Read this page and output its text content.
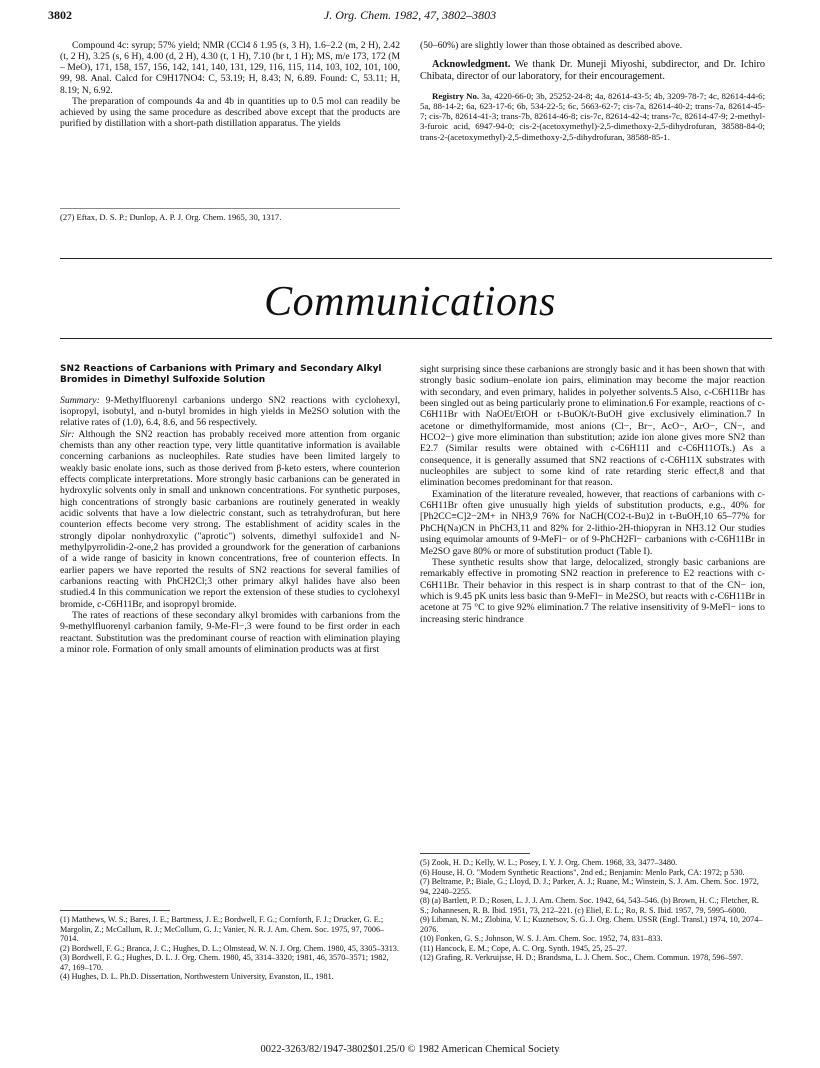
3802	J. Org. Chem. 1982, 47, 3802–3803

Compound 4c: syrup; 57% yield; NMR (CCl4 δ 1.95 (s, 3 H), 1.6–2.2 (m, 2 H), 2.42 (t, 2 H), 3.25 (s, 6 H), 4.00 (d, 2 H), 4.30 (t, 1 H), 7.10 (br t, 1 H); MS, m/e 173, 172 (M – MeO), 171, 158, 157, 156, 142, 141, 140, 131, 129, 116, 115, 114, 103, 102, 101, 100, 99, 98. Anal. Calcd for C9H17NO4: C, 53.19; H, 8.43; N, 6.89. Found: C, 53.11; H, 8.19; N, 6.92.

The preparation of compounds 4a and 4b in quantities up to 0.5 mol can readily be achieved by using the same procedure as described above except that the products are purified by distillation with a short-path distillation apparatus. The yields

(27) Eftax, D. S. P.; Dunlop, A. P. J. Org. Chem. 1965, 30, 1317.

(50–60%) are slightly lower than those obtained as described above.

Acknowledgment. We thank Dr. Muneji Miyoshi, subdirector, and Dr. Ichiro Chibata, director of our laboratory, for their encouragement.

Registry No. 3a, 4220-66-0; 3b, 25252-24-8; 4a, 82614-43-5; 4b, 3209-78-7; 4c, 82614-44-6; 5a, 88-14-2; 6a, 623-17-6; 6b, 534-22-5; 6c, 5663-62-7; cis-7a, 82614-40-2; trans-7a, 82614-45-7; cis-7b, 82614-41-3; trans-7b, 82614-46-8; cis-7c, 82614-42-4; trans-7c, 82614-47-9; 2-methyl-3-furoic acid, 6947-94-0; cis-2-(acetoxymethyl)-2,5-dimethoxy-2,5-dihydrofuran, 38588-84-0; trans-2-(acetoxymethyl)-2,5-dimethoxy-2,5-dihydrofuran, 38588-85-1.

Communications
SN2 Reactions of Carbanions with Primary and Secondary Alkyl Bromides in Dimethyl Sulfoxide Solution

Summary: 9-Methylfluorenyl carbanions undergo SN2 reactions with cyclohexyl, isopropyl, isobutyl, and n-butyl bromides in high yields in Me2SO solution with the relative rates of (1.0), 6.4, 8.6, and 56 respectively.

Sir: Although the SN2 reaction has probably received more attention from organic chemists than any other reaction type, very little quantitative information is available concerning carbanions as nucleophiles. Rate studies have been limited largely to weakly basic enolate ions, such as those derived from β-keto esters, where counterion effects complicate interpretations. More strongly basic carbanions can be generated in hydroxylic solvents only in small and unknown concentrations. For synthetic purposes, high concentrations of strongly basic carbanions are routinely generated in weakly acidic solvents that have a low dielectric constant, such as tetrahydrofuran, but here counterion effects become very strong. The establishment of acidity scales in the strongly dipolar nonhydroxylic ("aprotic") solvents, dimethyl sulfoxide1 and N-methylpyrrolidin-2-one,2 has provided a groundwork for the generation of carbanions of a wide range of basicity in known concentrations, free of counterion effects. In earlier papers we have reported the results of SN2 reactions for several families of carbanions reacting with PhCH2Cl;3 other primary alkyl halides have also been studied.4 In this communication we report the extension of these studies to cyclohexyl bromide, c-C6H11Br, and isopropyl bromide.

The rates of reactions of these secondary alkyl bromides with carbanions from the 9-methylfluorenyl carbanion family, 9-Me-Fl−,3 were found to be first order in each reactant. Substitution was the predominant course of reaction with elimination playing a minor role. Formation of only small amounts of elimination products was at first

sight surprising since these carbanions are strongly basic and it has been shown that with strongly basic sodium–enolate ion pairs, elimination may become the major reaction with secondary, and even primary, halides in polyether solvents.5 Also, c-C6H11Br has been singled out as being particularly prone to elimination.6 For example, reactions of c-C6H11Br with NaOEt/EtOH or t-BuOK/t-BuOH give exclusively elimination.7 In acetone or dimethylformamide, most anions (Cl−, Br−, AcO−, ArO−, CN−, and HCO2−) give more elimination than substitution; azide ion alone gives more SN2 than E2.7 (Similar results were obtained with c-C6H11I and c-C6H11OTs.) As a consequence, it is generally assumed that SN2 reactions of c-C6H11X substrates with nucleophiles are subject to some kind of rate retarding steric effect,8 and that elimination becomes predominant for that reason.

Examination of the literature revealed, however, that reactions of carbanions with c-C6H11Br often give unusually high yields of substitution products, e.g., 40% for [Ph2CC≡C]2−2M+ in NH3,9 76% for NaCH(CO2-t-Bu)2 in t-BuOH,10 65–77% for PhCH(Na)CN in PhCH3,11 and 82% for 2-lithio-2H-thiopyran in NH3.12 Our studies using equimolar amounts of 9-MeFl− or of 9-PhCH2Fl− carbanions with c-C6H11Br in Me2SO gave 80% or more of substitution product (Table I).

These synthetic results show that large, delocalized, strongly basic carbanions are remarkably effective in promoting SN2 reaction in preference to E2 reactions with c-C6H11Br. Their behavior in this respect is in sharp contrast to that of the CN− ion, which is 9.45 pK units less basic than 9-MeFl− in Me2SO, but reacts with c-C6H11Br in acetone at 75 °C to give 92% elimination.7 The relative insensitivity of 9-MeFl− ions to increasing steric hindrance

(1) Matthews, W. S.; Bares, J. E.; Bartmess, J. E.; Bordwell, F. G.; Cornforth, F. J.; Drucker, G. E.; Margolin, Z.; McCallum, R. J.; McCollum, G. J.; Vanier, N. R. J. Am. Chem. Soc. 1975, 97, 7006–7014.

(2) Bordwell, F. G.; Branca, J. C.; Hughes, D. L.; Olmstead, W. N. J. Org. Chem. 1980, 45, 3305–3313.

(3) Bordwell, F. G.; Hughes, D. L. J. Org. Chem. 1980, 45, 3314–3320; 1981, 46, 3570–3571; 1982, 47, 169–170.

(4) Hughes, D. L. Ph.D. Dissertation, Northwestern University, Evanston, IL, 1981.

(5) Zook, H. D.; Kelly, W. L.; Posey, I. Y. J. Org. Chem. 1968, 33, 3477–3480.

(6) House, H. O. "Modern Synthetic Reactions", 2nd ed.; Benjamin: Menlo Park, CA: 1972; p 530.

(7) Beltrame, P.; Biale, G.; Lloyd, D. J.; Parker, A. J.; Ruane, M.; Winstein, S. J. Am. Chem. Soc. 1972, 94, 2240–2255.

(8) (a) Bartlett, P. D.; Rosen, L. J. J. Am. Chem. Soc. 1942, 64, 543–546. (b) Brown, H. C.; Fletcher, R. S.; Johannesen, R. B. Ibid. 1951, 73, 212–221. (c) Eliel, E. L.; Ro, R. S. Ibid. 1957, 79, 5995–6000.

(9) Libman, N. M.; Zlobina, V. I.; Kuznetsov, S. G. J. Org. Chem. USSR (Engl. Transl.) 1974, 10, 2074–2076.

(10) Fonken, G. S.; Johnson, W. S. J. Am. Chem. Soc. 1952, 74, 831–833.

(11) Hancock, E. M.; Cope, A. C. Org. Synth. 1945, 25, 25–27.

(12) Grafing, R. Verkruijsse, H. D.; Brandsma, L. J. Chem. Soc., Chem. Commun. 1978, 596–597.

0022-3263/82/1947-3802$01.25/0 © 1982 American Chemical Society
